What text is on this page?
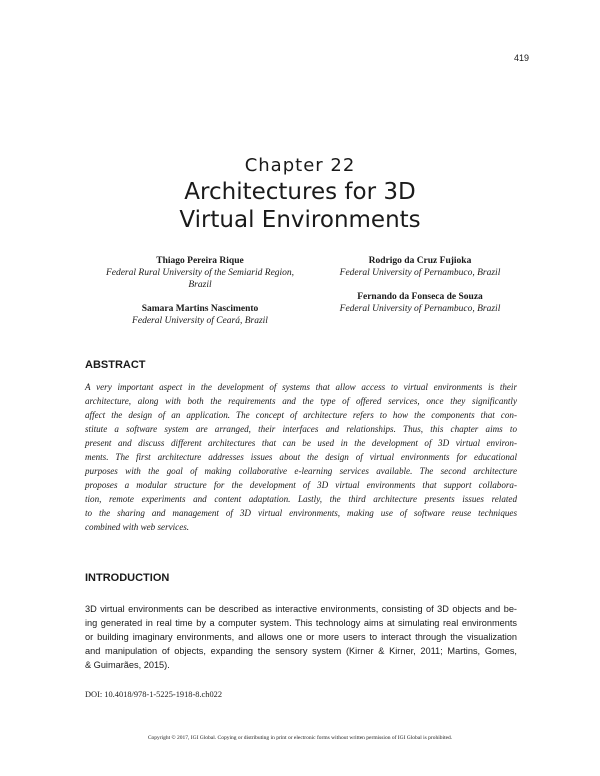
419
Chapter 22
Architectures for 3D
Virtual Environments
Thiago Pereira Rique
Federal Rural University of the Semiarid Region,
Brazil
Samara Martins Nascimento
Federal University of Ceará, Brazil
Rodrigo da Cruz Fujioka
Federal University of Pernambuco, Brazil
Fernando da Fonseca de Souza
Federal University of Pernambuco, Brazil
ABSTRACT
A very important aspect in the development of systems that allow access to virtual environments is their
architecture, along with both the requirements and the type of offered services, once they significantly
affect the design of an application. The concept of architecture refers to how the components that con-
stitute a software system are arranged, their interfaces and relationships. Thus, this chapter aims to
present and discuss different architectures that can be used in the development of 3D virtual environ-
ments. The first architecture addresses issues about the design of virtual environments for educational
purposes with the goal of making collaborative e-learning services available. The second architecture
proposes a modular structure for the development of 3D virtual environments that support collabora-
tion, remote experiments and content adaptation. Lastly, the third architecture presents issues related
to the sharing and management of 3D virtual environments, making use of software reuse techniques
combined with web services.
INTRODUCTION
3D virtual environments can be described as interactive environments, consisting of 3D objects and be-
ing generated in real time by a computer system. This technology aims at simulating real environments
or building imaginary environments, and allows one or more users to interact through the visualization
and manipulation of objects, expanding the sensory system (Kirner & Kirner, 2011; Martins, Gomes,
& Guimarães, 2015).
DOI: 10.4018/978-1-5225-1918-8.ch022
Copyright © 2017, IGI Global. Copying or distributing in print or electronic forms without written permission of IGI Global is prohibited.
